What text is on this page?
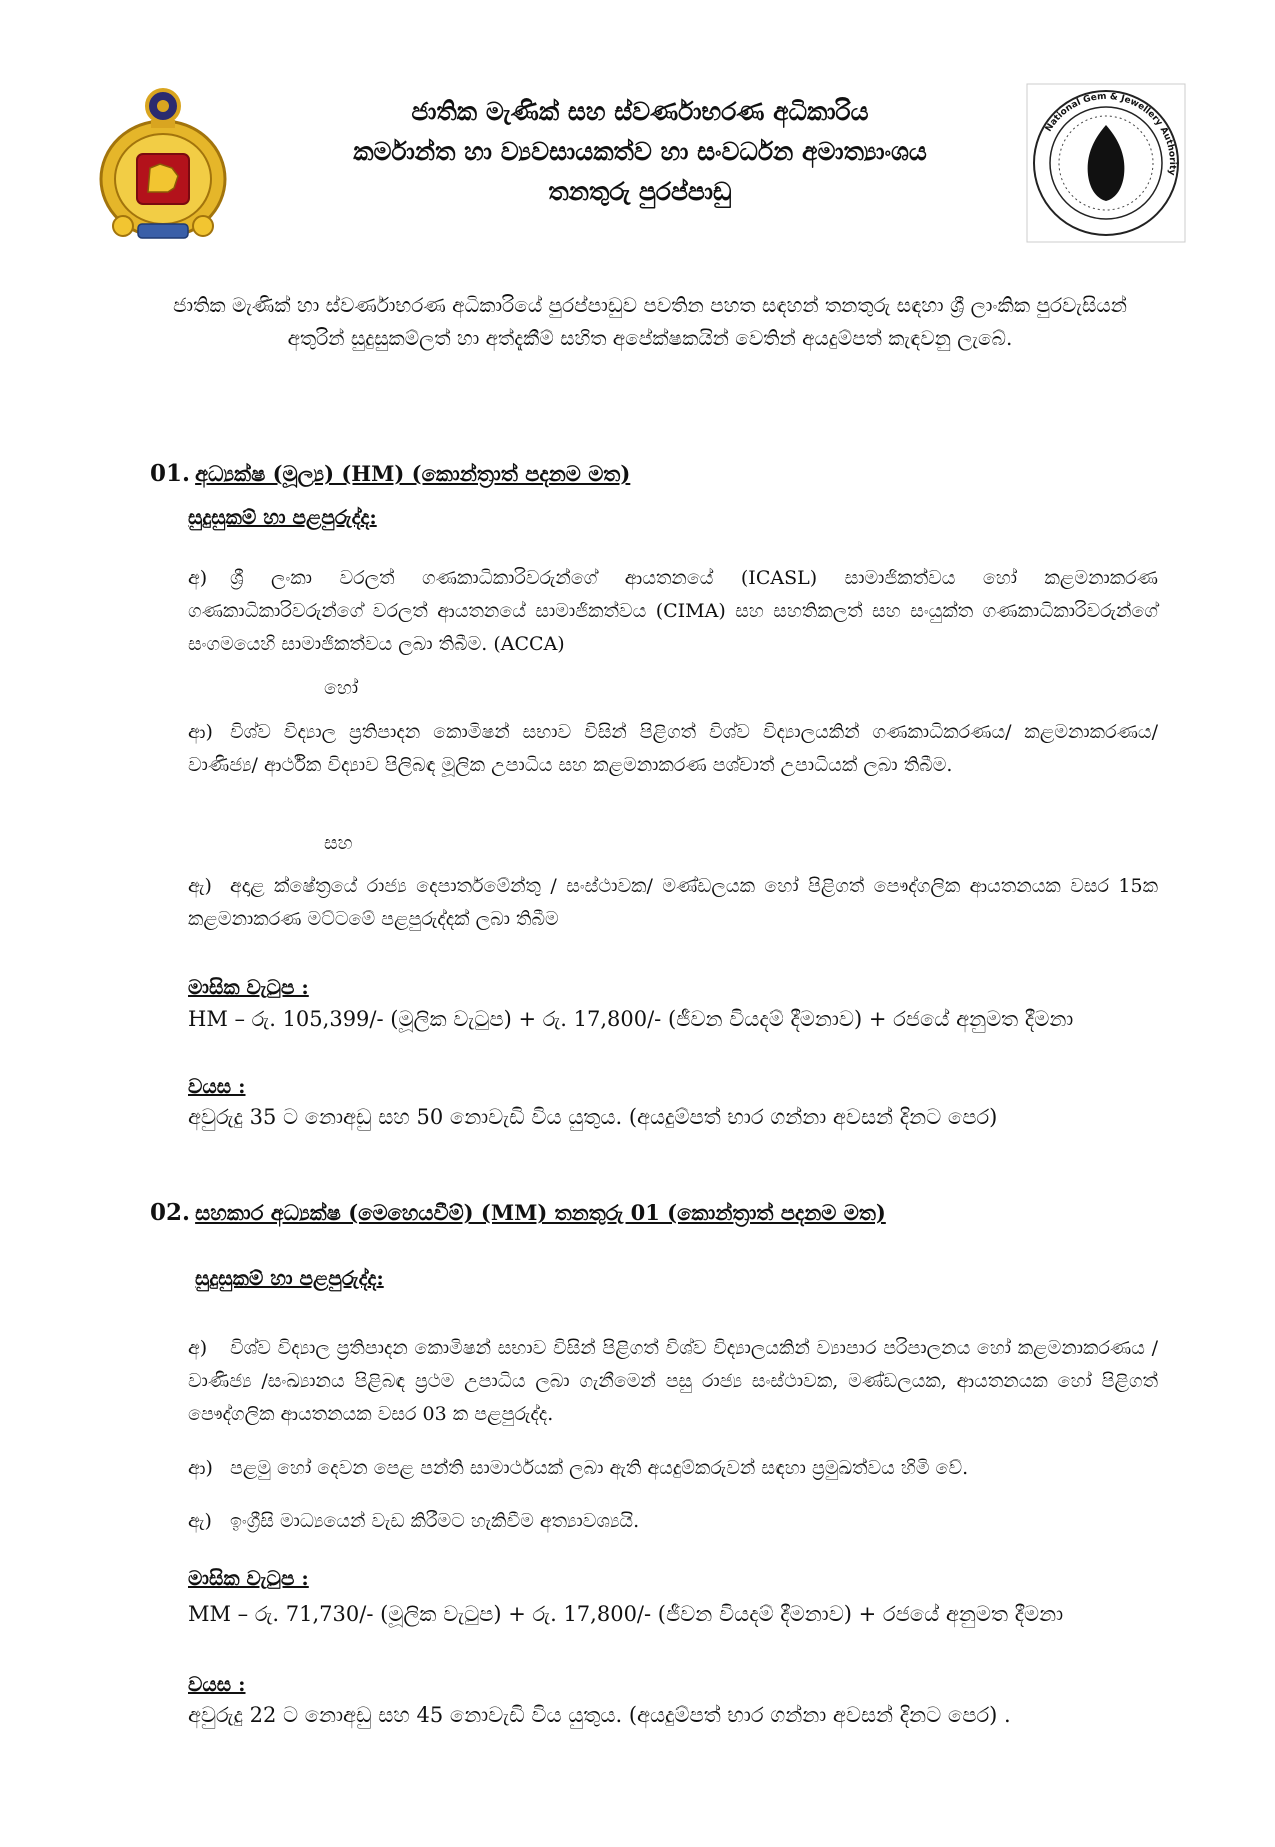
ජාතික මැණික් සහ ස්වර්ණාභරණ අධිකාරිය
කර්මාන්ත හා ව්‍යවසායකත්ව හා සංවර්ධන අමාත්‍යාංශය
තනතුරු පුරප්පාඩු
National Gem & Jewellery Authority
ජාතික මැණික් හා ස්වර්ණාභරණ අධිකාරියේ පුරප්පාඩුව පවතින පහත සඳහන් තනතුරු සඳහා ශ්‍රී ලාංකික පුරවැසියන් අතුරින් සුදුසුකම්ලත් හා අත්දැකීම් සහිත අපේක්ෂකයින් වෙතින් අයදුම්පත් කැඳවනු ලැබේ.
01. අධ්‍යක්ෂ (මූල්‍ය) (HM) (කොන්ත්‍රාත් පදනම මත)
සුදුසුකම් හා පළපුරුද්ද:
අ) ශ්‍රී ලංකා වරලත් ගණකාධිකාරිවරුන්ගේ ආයතනයේ (ICASL) සාමාජිකත්වය හෝ කළමනාකරණ ගණකාධිකාරිවරුන්ගේ වරලත් ආයතනයේ සාමාජිකත්වය (CIMA) සහ සහතිකලත් සහ සංයුක්ත ගණකාධිකාරිවරුන්ගේ සංගමයෙහි සාමාජිකත්වය ලබා තිබීම. (ACCA)
හෝ
ආ) විශ්ව විද්‍යාල ප්‍රතිපාදන කොමිෂන් සභාව විසින් පිළිගත් විශ්ව විද්‍යාලයකින් ගණකාධිකරණය/ කළමනාකරණය/ වාණිජ්‍ය/ ආර්ථික විද්‍යාව පිලිබඳ මූලික උපාධිය සහ කළමනාකරණ පශ්චාත් උපාධියක් ලබා තිබීම.
සහ
ඇ) අදාළ ක්ෂේත්‍රයේ රාජ්‍ය දෙපාර්තමේන්තු / සංස්ථාවක/ මණ්ඩලයක හෝ පිළිගත් පෞද්ගලික ආයතනයක වසර 15ක කළමනාකරණ මට්ටමේ පළපුරුද්දක් ලබා තිබීම
මාසික වැටුප :
HM – රු. 105,399/- (මූලික වැටුප) + රු. 17,800/- (ජීවන වියදම් දීමනාව) + රජයේ අනුමත දීමනා
වයස :
අවුරුදු 35 ට නොඅඩු සහ 50 නොවැඩි විය යුතුය. (අයදුම්පත් භාර ගන්නා අවසන් දිනට පෙර)
02. සහකාර අධ්‍යක්ෂ (මෙහෙයවීම්) (MM) තනතුරු 01 (කොන්ත්‍රාත් පදනම මත)
සුදුසුකම් හා පළපුරුද්ද:
අ) විශ්ව විද්‍යාල ප්‍රතිපාදන කොමිෂන් සභාව විසින් පිළිගත් විශ්ව විද්‍යාලයකින් ව්‍යාපාර පරිපාලනය හෝ කළමනාකරණය / වාණිජ්‍ය /සංඛ්‍යානය පිළිබඳ ප්‍රථම උපාධිය ලබා ගැනීමෙන් පසු රාජ්‍ය සංස්ථාවක, මණ්ඩලයක, ආයතනයක හෝ පිළිගත් පෞද්ගලික ආයතනයක වසර 03 ක පළපුරුද්ද.
ආ) පළමු හෝ දෙවන පෙළ පන්ති සාමාර්ථයක් ලබා ඇති අයදුම්කරුවන් සඳහා ප්‍රමුඛත්වය හිමි වේ.
ඇ) ඉංග්‍රීසි මාධ්‍යයෙන් වැඩ කිරීමට හැකිවීම අත්‍යාවශ්‍යයි.
මාසික වැටුප :
MM – රු. 71,730/- (මූලික වැටුප) + රු. 17,800/- (ජීවන වියදම් දීමනාව) + රජයේ අනුමත දීමනා
වයස :
අවුරුදු 22 ට නොඅඩු සහ 45 නොවැඩි විය යුතුය. (අයදුම්පත් භාර ගන්නා අවසන් දිනට පෙර) .
